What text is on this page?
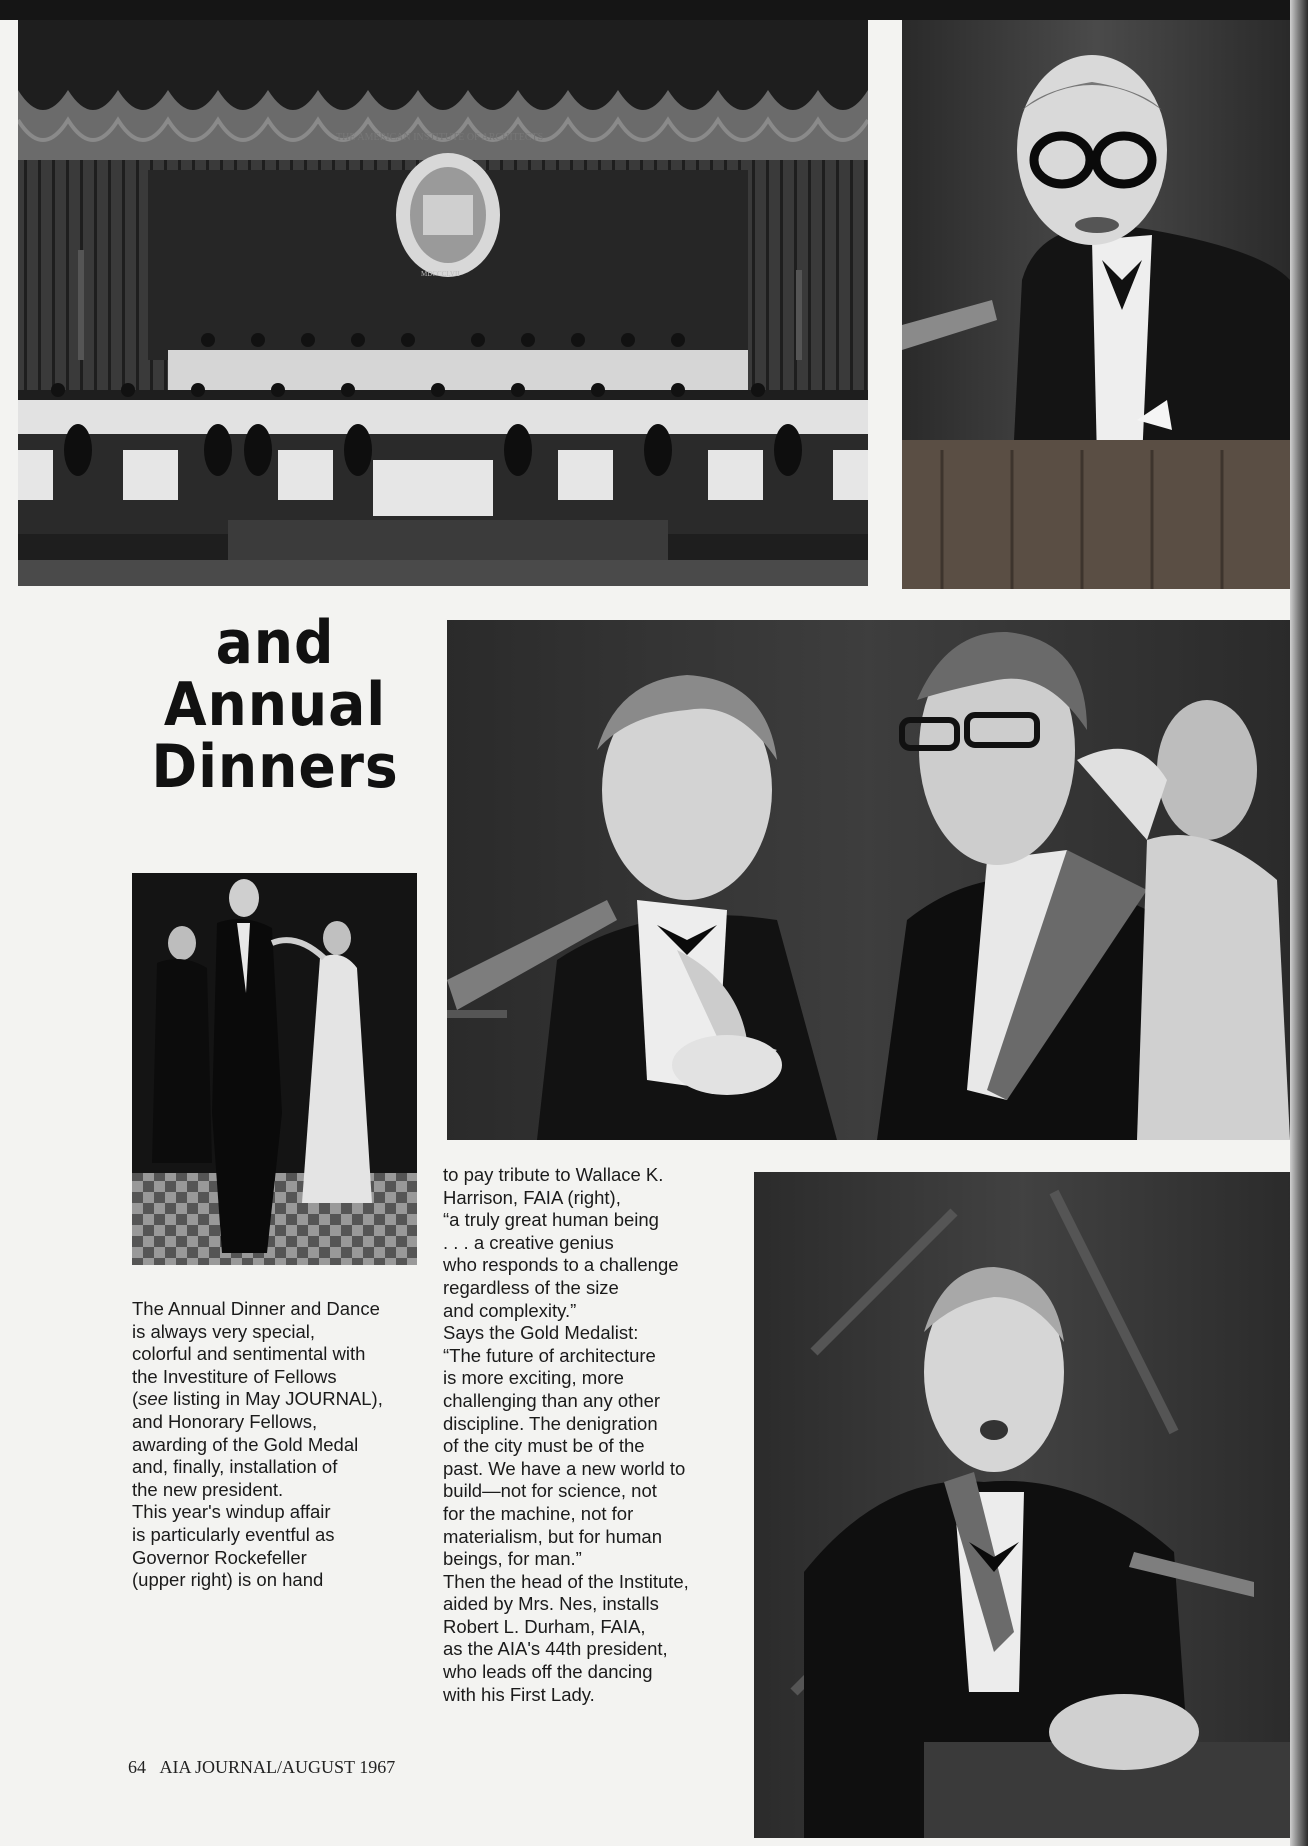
THE AMERICAN INSTITUTE OF ARCHITECTS
MDCCCLVII
and
Annual
Dinners
The Annual Dinner and Dance
is always very special,
colorful and sentimental with
the Investiture of Fellows
(see listing in May JOURNAL),
and Honorary Fellows,
awarding of the Gold Medal
and, finally, installation of
the new president.
This year's windup affair
is particularly eventful as
Governor Rockefeller
(upper right) is on hand
to pay tribute to Wallace K.
Harrison, FAIA (right),
“a truly great human being
. . . a creative genius
who responds to a challenge
regardless of the size
and complexity.”
Says the Gold Medalist:
“The future of architecture
is more exciting, more
challenging than any other
discipline. The denigration
of the city must be of the
past. We have a new world to
build—not for science, not
for the machine, not for
materialism, but for human
beings, for man.”
Then the head of the Institute,
aided by Mrs. Nes, installs
Robert L. Durham, FAIA,
as the AIA's 44th president,
who leads off the dancing
with his First Lady.
64 AIA JOURNAL/AUGUST 1967
